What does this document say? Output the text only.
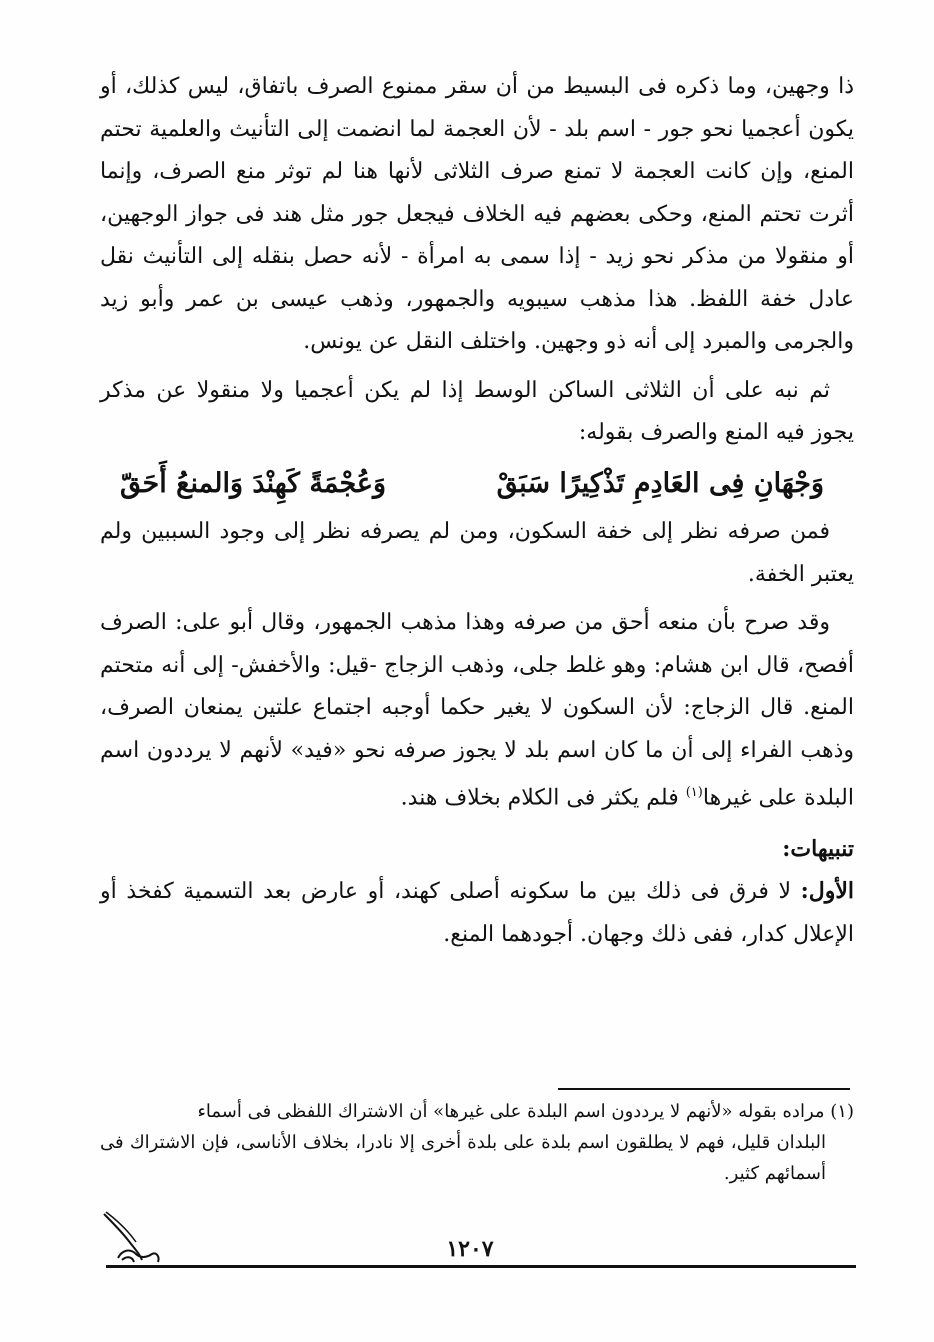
ذا وجهين، وما ذكره فى البسيط من أن سقر ممنوع الصرف باتفاق، ليس كذلك، أو يكون أعجميا نحو جور - اسم بلد - لأن العجمة لما انضمت إلى التأنيث والعلمية تحتم المنع، وإن كانت العجمة لا تمنع صرف الثلاثى لأنها هنا لم توثر منع الصرف، وإنما أثرت تحتم المنع، وحكى بعضهم فيه الخلاف فيجعل جور مثل هند فى جواز الوجهين، أو منقولا من مذكر نحو زيد - إذا سمى به امرأة - لأنه حصل بنقله إلى التأنيث نقل عادل خفة اللفظ. هذا مذهب سيبويه والجمهور، وذهب عيسى بن عمر وأبو زيد والجرمى والمبرد إلى أنه ذو وجهين. واختلف النقل عن يونس.

ثم نبه على أن الثلاثى الساكن الوسط إذا لم يكن أعجميا ولا منقولا عن مذكر يجوز فيه المنع والصرف بقوله:

وَجْهَانِ فِى العَادِمِ تَذْكِيرًا سَبَقْ
وَعُجْمَةً كَهِنْدَ وَالمنعُ أَحَقّ

فمن صرفه نظر إلى خفة السكون، ومن لم يصرفه نظر إلى وجود السببين ولم يعتبر الخفة.

وقد صرح بأن منعه أحق من صرفه وهذا مذهب الجمهور، وقال أبو على: الصرف أفصح، قال ابن هشام: وهو غلط جلى، وذهب الزجاج -قيل: والأخفش- إلى أنه متحتم المنع. قال الزجاج: لأن السكون لا يغير حكما أوجبه اجتماع علتين يمنعان الصرف، وذهب الفراء إلى أن ما كان اسم بلد لا يجوز صرفه نحو «فيد» لأنهم لا يرددون اسم البلدة على غيرها$^{(١)}$ فلم يكثر فى الكلام بخلاف هند.

تنبيهات:

الأول: لا فرق فى ذلك بين ما سكونه أصلى كهند، أو عارض بعد التسمية كفخذ أو الإعلال كدار، ففى ذلك وجهان. أجودهما المنع.

(١) مراده بقوله «لأنهم لا يرددون اسم البلدة على غيرها» أن الاشتراك اللفظى فى أسماء

البلدان قليل، فهم لا يطلقون اسم بلدة على بلدة أخرى إلا نادرا، بخلاف الأناسى، فإن الاشتراك فى أسمائهم كثير.

١٢٠٧
